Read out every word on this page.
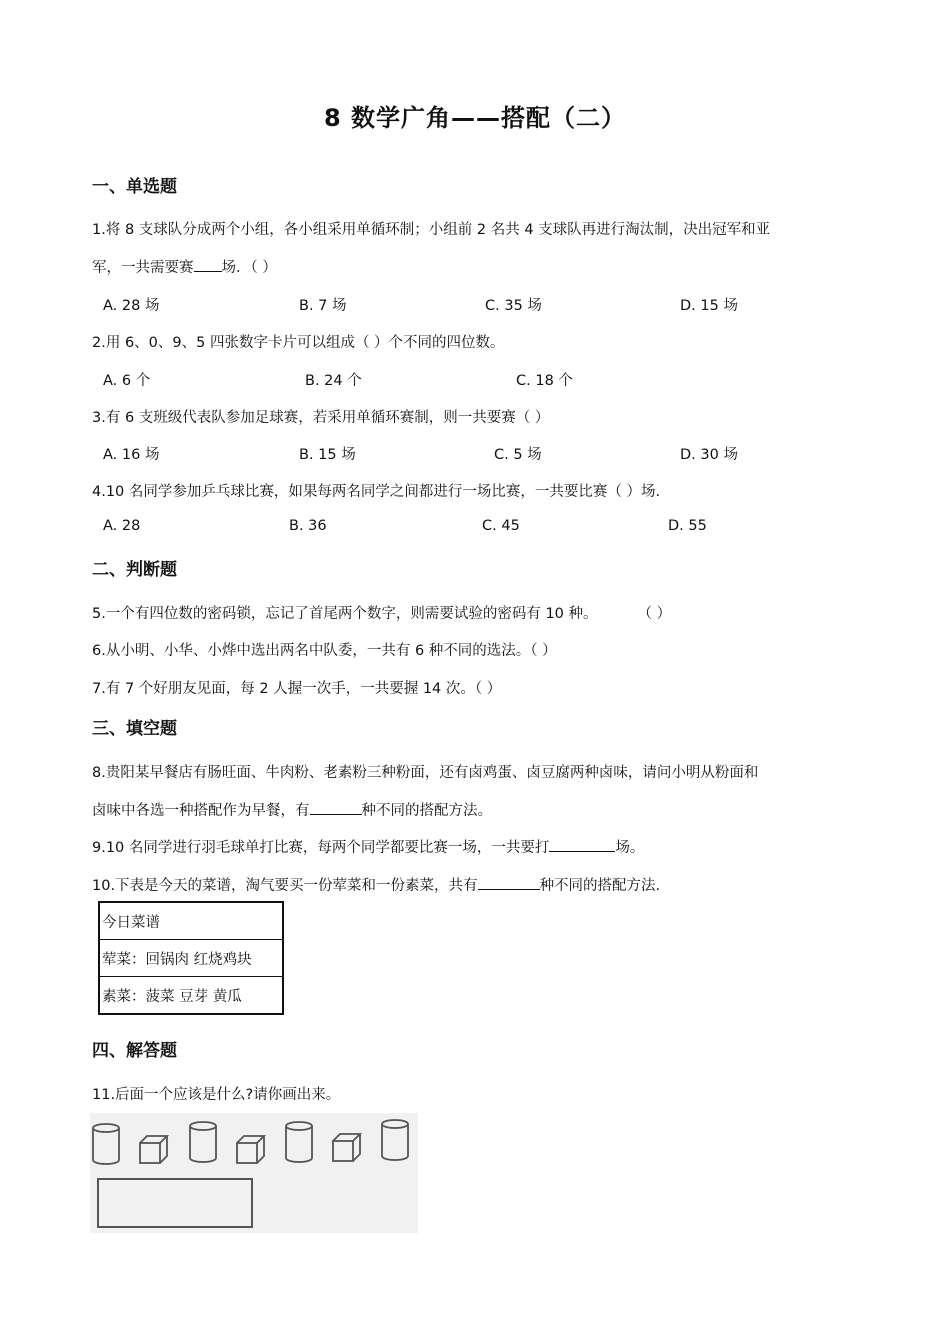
8 数学广角——搭配（二）
一、单选题
1.将 8 支球队分成两个小组，各小组采用单循环制；小组前 2 名共 4 支球队再进行淘汰制，决出冠军和亚
军，一共需要赛 场．（ ）
A. 28 场	B. 7 场	C. 35 场	D. 15 场
2.用 6、0、9、5 四张数字卡片可以组成（ ）个不同的四位数。
A. 6 个	B. 24 个	C. 18 个
3.有 6 支班级代表队参加足球赛，若采用单循环赛制，则一共要赛（ ）
A. 16 场	B. 15 场	C. 5 场	D. 30 场
4.10 名同学参加乒乓球比赛，如果每两名同学之间都进行一场比赛，一共要比赛（ ）场.
A. 28	B. 36	C. 45	D. 55
二、判断题
5.一个有四位数的密码锁，忘记了首尾两个数字，则需要试验的密码有 10 种。	（ ）
6.从小明、小华、小烨中选出两名中队委，一共有 6 种不同的选法。（ ）
7.有 7 个好朋友见面，每 2 人握一次手，一共要握 14 次。（ ）
三、填空题
8.贵阳某早餐店有肠旺面、牛肉粉、老素粉三种粉面，还有卤鸡蛋、卤豆腐两种卤味，请问小明从粉面和
卤味中各选一种搭配作为早餐，有	种不同的搭配方法。
9.10 名同学进行羽毛球单打比赛，每两个同学都要比赛一场，一共要打	场。
10.下表是今天的菜谱，淘气要买一份荤菜和一份素菜，共有	种不同的搭配方法.
今日菜谱
荤菜：回锅肉 红烧鸡块
素菜：菠菜 豆芽 黄瓜
四、解答题
11.后面一个应该是什么?请你画出来。
